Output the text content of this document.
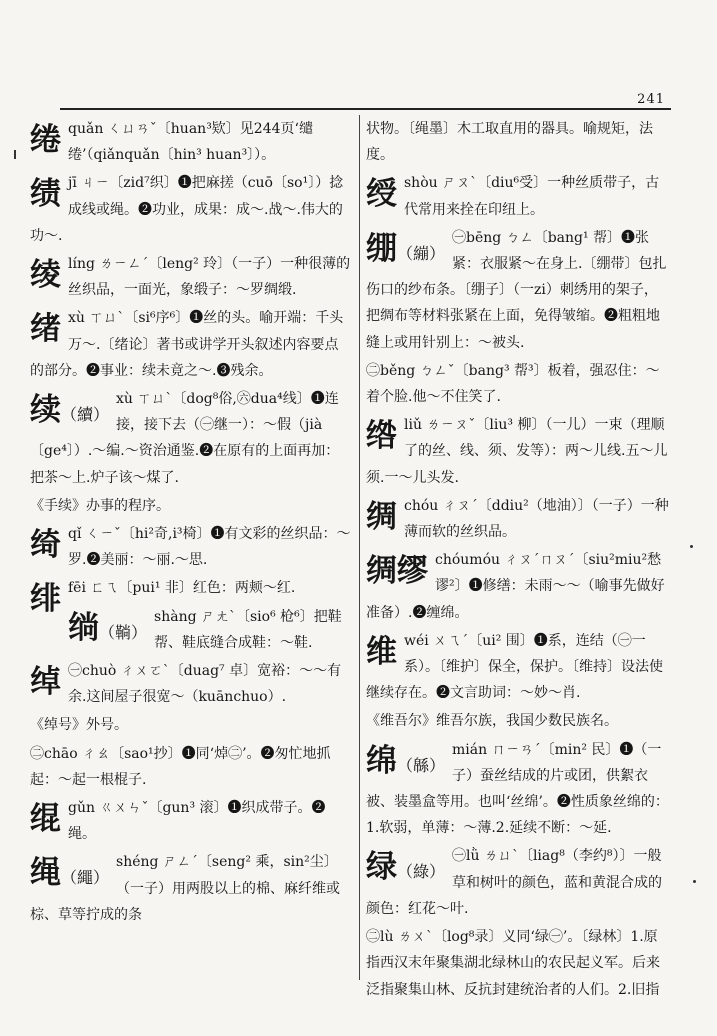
241
绻quǎn ㄑㄩㄢˇ〔huan³欵〕见244页‘缱绻’（qiǎnquǎn〔hin³ huan³〕）。
绩jī ㄐㄧ〔zid⁷织〕❶把麻搓（cuō〔so¹〕）捻成线或绳。❷功业，成果：成～.战～.伟大的功～.
绫líng ㄌㄧㄥˊ〔leng² 玲〕（一子）一种很薄的丝织品，一面光，象缎子：～罗绸缎.
绪xù ㄒㄩˋ〔si⁶序⁶〕❶丝的头。喻开端：千头万～.〔绪论〕著书或讲学开头叙述内容要点的部分。❷事业：续未竟之～.❸残余。
续（續）
xù ㄒㄩˋ〔dog⁸俗,㊅dua⁴线〕❶连接，接下去（㊀继一）：～假（jià〔ge⁴〕）.～编.～资治通鉴.❷在原有的上面再加：把茶～上.炉子该～煤了.
《手续》办事的程序。
绮qǐ ㄑㄧˇ〔hi²奇,i³椅〕❶有文彩的丝织品：～罗.❷美丽：～丽.～思.
绯fēi ㄈㄟ〔pui¹ 非〕红色：两颊～红.
绱（鞝）
shàng ㄕㄤˋ〔sio⁶ 枪⁶〕把鞋帮、鞋底缝合成鞋：～鞋.
绰 ㊀chuò ㄔㄨㄛˋ〔duag⁷ 卓〕宽裕：～～有余.这间屋子很宽～（kuānchuo）.
《绰号》外号。
㊁chāo ㄔㄠ〔sao¹抄〕❶同‘焯㊁’。❷匆忙地抓起：～起一根棍子.
绲gǔn ㄍㄨㄣˇ〔gun³ 滚〕❶织成带子。❷绳。
绳（繩）
shéng ㄕㄥˊ〔seng² 乘，sin²尘〕（一子）用两股以上的棉、麻纤维或棕、草等拧成的条
状物。〔绳墨〕木工取直用的器具。喻规矩，法度。
绶shòu ㄕㄡˋ〔diu⁶受〕一种丝质带子，古代常用来拴在印纽上。
绷（繃）
㊀bēng ㄅㄥ〔bang¹ 帮〕❶张紧：衣服紧～在身上.〔绷带〕包扎伤口的纱布条。〔绷子〕（一zi）刺绣用的架子，把绸布等材料张紧在上面，免得皱缩。❷粗粗地缝上或用针别上：～被头.
㊁běng ㄅㄥˇ〔bang³ 帮³〕板着，强忍住：～着个脸.他～不住笑了.
绺liǔ ㄌㄧㄡˇ〔liu³ 柳〕（一儿）一束（理顺了的丝、线、须、发等）：两～儿线.五～儿须.一～儿头发.
绸chóu ㄔㄡˊ〔ddiu²（地油）〕（一子）一种薄而软的丝织品。
绸缪 chóumóu ㄔㄡˊㄇㄡˊ〔siu²miu²愁谬²〕❶修缮：未雨～～（喻事先做好准备）.❷缠绵。
维wéi ㄨㄟˊ〔ui² 围〕❶系，连结（㊀一系）。〔维护〕保全，保护。〔维持〕设法使继续存在。❷文言助词：～妙～肖.
《维吾尔》维吾尔族，我国少数民族名。
绵（緜）
mián ㄇㄧㄢˊ〔min² 民〕❶（一子）蚕丝结成的片或团，供絮衣被、装墨盒等用。也叫‘丝绵’。❷性质象丝绵的：1.软弱，单薄：～薄.2.延续不断：～延.
绿（綠）
㊀lǜ ㄌㄩˋ〔liag⁸（李约⁸）〕一般草和树叶的颜色，蓝和黄混合成的颜色：红花～叶.
㊁lù ㄌㄨˋ〔log⁸录〕义同‘绿㊀’。〔绿林〕1.原指西汉末年聚集湖北绿林山的农民起义军。后来泛指聚集山林、反抗封建统治者的人们。2.旧指
